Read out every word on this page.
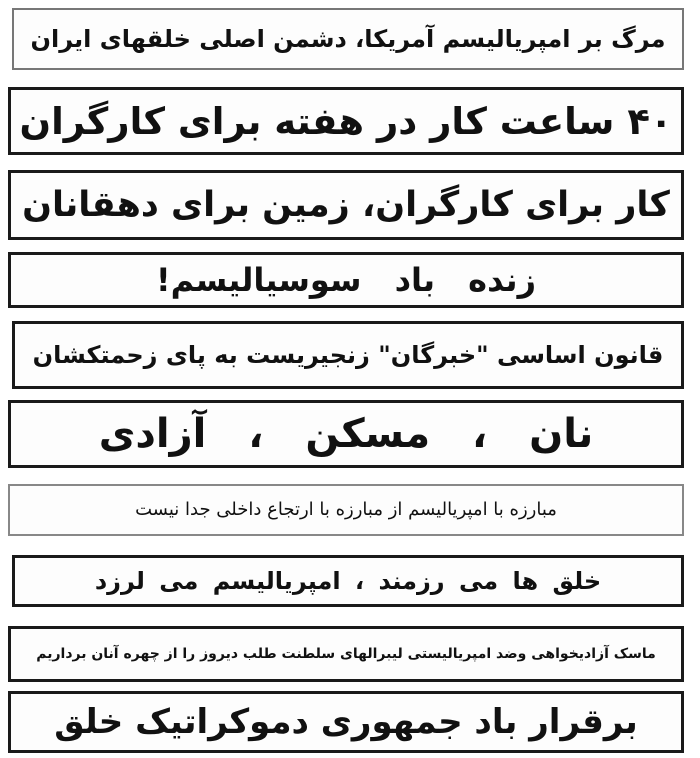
مرگ بر امپریالیسم آمریکا، دشمن اصلی خلقهای ایران
۴۰ ساعت کار در هفته برای کارگران
کار برای کارگران، زمین برای دهقانان
زنده باد سوسیالیسم!
قانون اساسی "خبرگان" زنجیریست به پای زحمتکشان
نان ، مسکن ، آزادی
مبارزه با امپریالیسم از مبارزه با ارتجاع داخلی جدا نیست
خلق ها می رزمند ، امپریالیسم می لرزد
ماسک آزادیخواهی وضد امپریالیستی لیبرالهای سلطنت طلب دیروز را از چهره آنان برداریم
برقرار باد جمهوری دموکراتیک خلق
